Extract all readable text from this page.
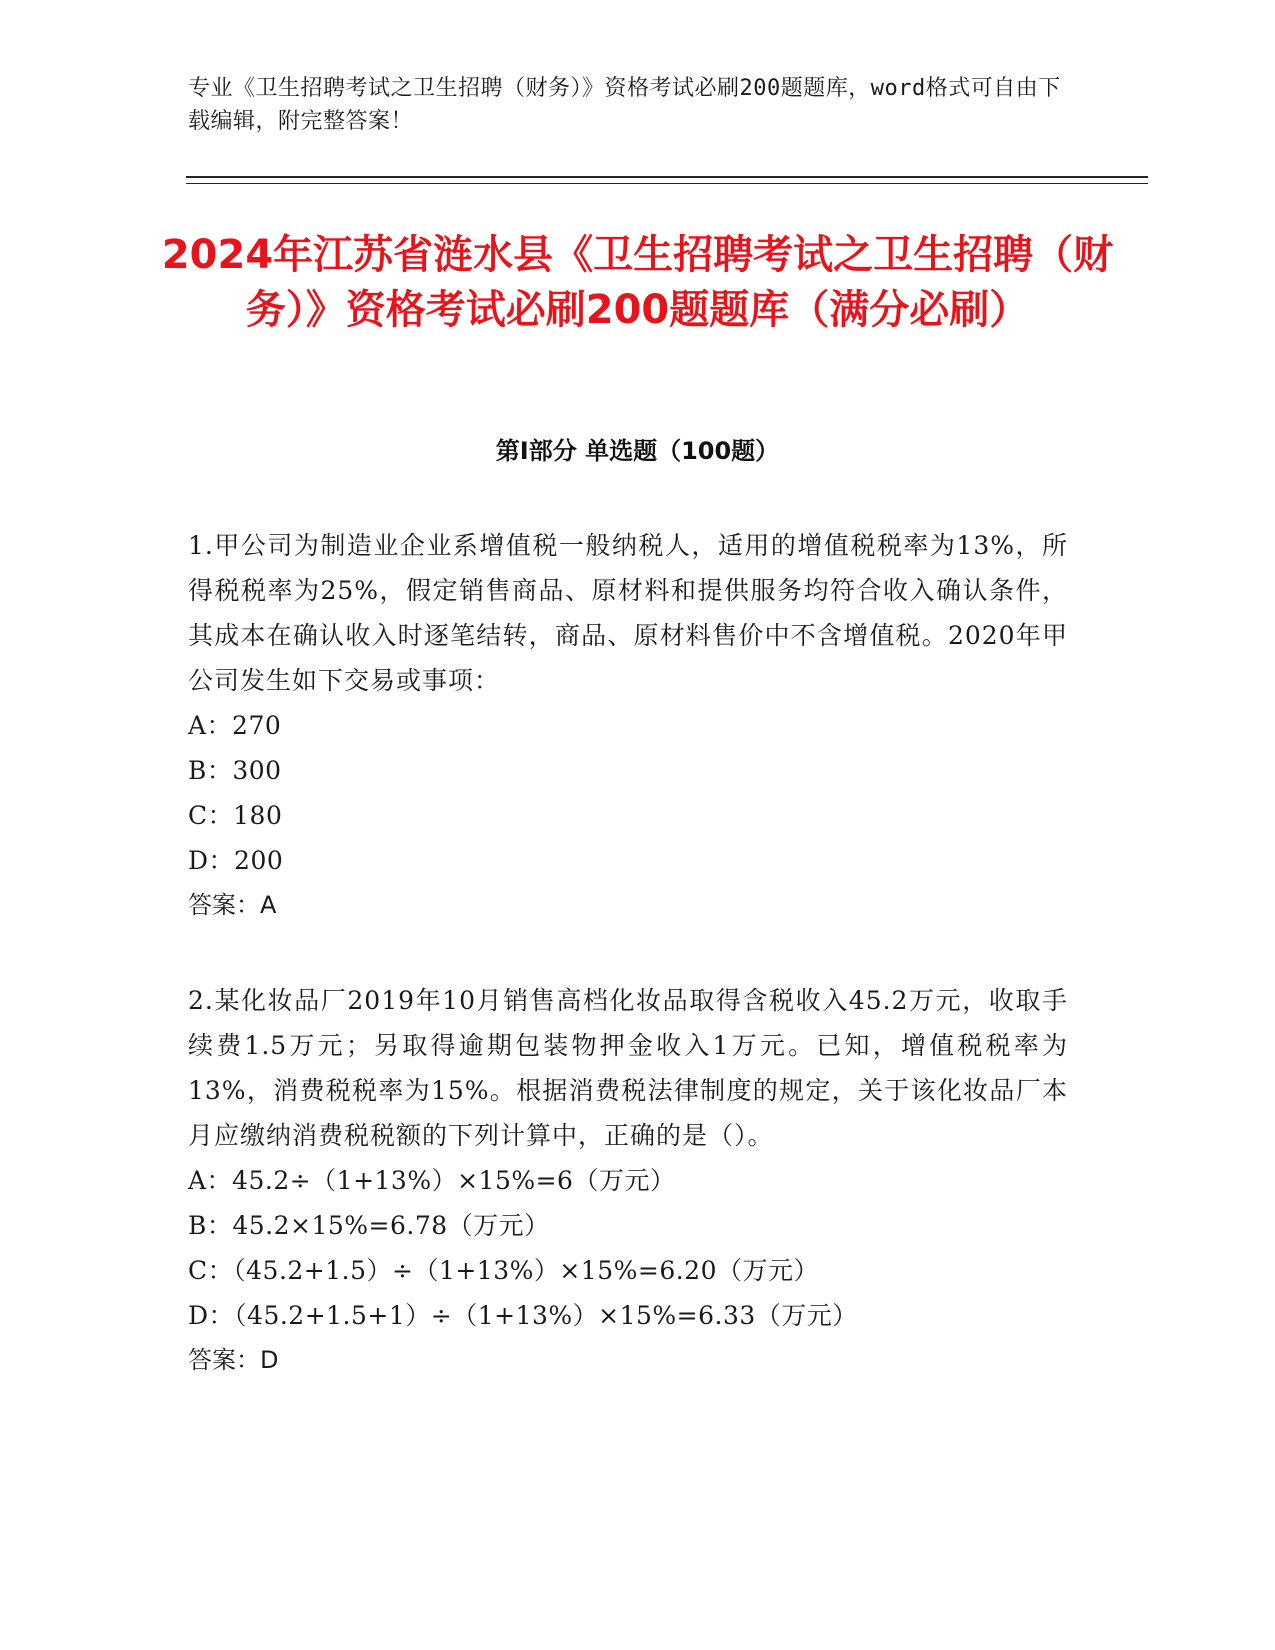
专业《卫生招聘考试之卫生招聘（财务）》资格考试必刷200题题库，word格式可自由下载编辑，附完整答案！
2024年江苏省涟水县《卫生招聘考试之卫生招聘（财务）》资格考试必刷200题题库（满分必刷）
第Ⅰ部分 单选题（100题）

1.甲公司为制造业企业系增值税一般纳税人，适用的增值税税率为13%，所得税税率为25%，假定销售商品、原材料和提供服务均符合收入确认条件，其成本在确认收入时逐笔结转，商品、原材料售价中不含增值税。2020年甲公司发生如下交易或事项：

A：270

B：300

C：180

D：200

答案：A

2.某化妆品厂2019年10月销售高档化妆品取得含税收入45.2万元，收取手续费1.5万元；另取得逾期包装物押金收入1万元。已知，增值税税率为13%，消费税税率为15%。根据消费税法律制度的规定，关于该化妆品厂本月应缴纳消费税税额的下列计算中，正确的是（）。

A：45.2÷（1+13%）×15%=6（万元）

B：45.2×15%=6.78（万元）

C：（45.2+1.5）÷（1+13%）×15%=6.20（万元）

D：（45.2+1.5+1）÷（1+13%）×15%=6.33（万元）

答案：D
